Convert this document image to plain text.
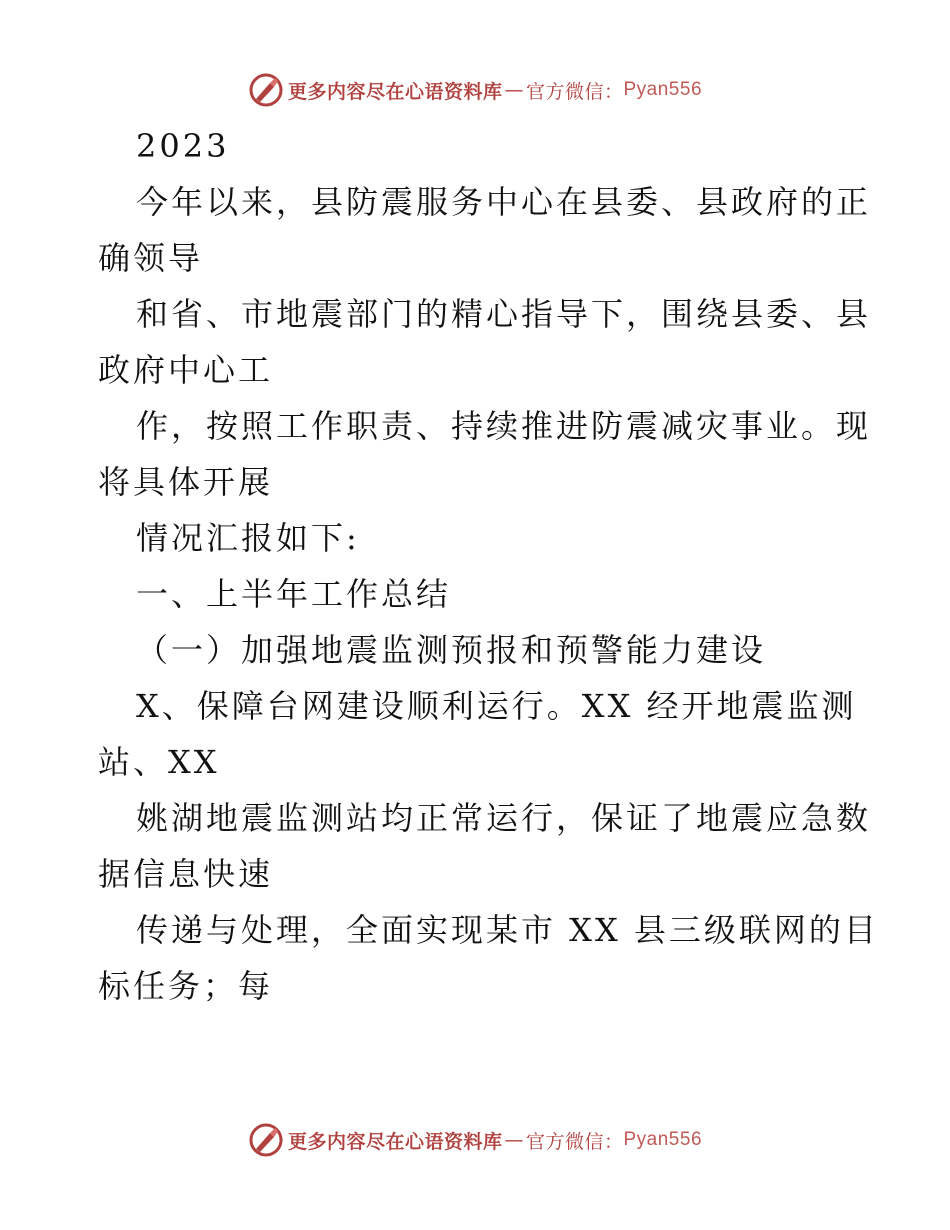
更多内容尽在心语资料库 — 官方微信： Pyan556
2023
今年以来，县防震服务中心在县委、县政府的正
确领导
和省、市地震部门的精心指导下，围绕县委、县
政府中心工
作，按照工作职责、持续推进防震减灾事业。现
将具体开展
情况汇报如下:
一、上半年工作总结
（一）加强地震监测预报和预警能力建设
X、保障台网建设顺利运行。XX 经开地震监测
站、XX
姚湖地震监测站均正常运行，保证了地震应急数
据信息快速
传递与处理，全面实现某市 XX 县三级联网的目
标任务；每
更多内容尽在心语资料库 — 官方微信： Pyan556
